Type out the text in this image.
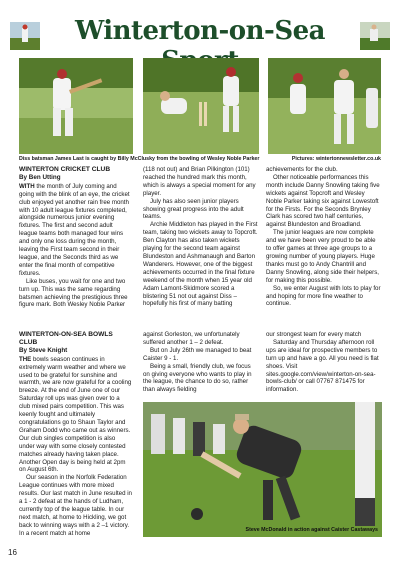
Winterton-on-Sea
Diss batsman James Last is caught by Billy McClusky from the bowling of Wesley Noble Parker	Pictures: wintertonnewsletter.co.uk
WINTERTON CRICKET CLUB
By Ben Utting

WITH the month of July coming and going with the blink of an eye, the cricket club enjoyed yet another rain free month with 10 adult league fixtures completed, alongside numerous junior evening fixtures. The first and second adult league teams both managed four wins and only one loss during the month, leaving the First team second in their league, and the Seconds third as we enter the final month of competitive fixtures.

Like buses, you wait for one and two turn up. This was the same regarding batsmen achieving the prestigious three figure mark. Both Wesley Noble Parker

(118 not out) and Brian Pilkington (101) reached the hundred mark this month, which is always a special moment for any player.

July has also seen junior players showing great progress into the adult teams.

Archie Middleton has played in the First team, taking two wickets away to Topcroft. Ben Clayton has also taken wickets playing for the second team against Blundeston and Ashmanaugh and Barton Wanderers. However, one of the biggest achievements occurred in the final fixture weekend of the month when 15 year old Adam Lamont-Skidmore scored a blistering 51 not out against Diss – hopefully his first of many batting

achievements for the club.

Other noticeable performances this month include Danny Snowling taking five wickets against Topcroft and Wesley Noble Parker taking six against Lowestoft for the Firsts. For the Seconds Brynley Clark has scored two half centuries, against Blundeston and Broadland.

The junior leagues are now complete and we have been very proud to be able to offer games at three age groups to a growing number of young players. Huge thanks must go to Andy Chantrill and Danny Snowling, along side their helpers, for making this possible.

So, we enter August with lots to play for and hoping for more fine weather to continue.

WINTERTON-ON-SEA BOWLS CLUB
By Steve Knight

THE bowls season continues in extremely warm weather and where we used to be grateful for sunshine and warmth, we are now grateful for a cooling breeze. At the end of June one of our Saturday roll ups was given over to a club mixed pairs competition. This was keenly fought and ultimately congratulations go to Shaun Taylor and Graham Dodd who came out as winners. Our club singles competition is also under way with some closely contested matches already having taken place. Another Open day is being held at 2pm on August 6th.

Our season in the Norfolk Federation League continues with more mixed results. Our last match in June resulted in a 1 - 2 defeat at the hands of Ludham, currently top of the league table. In our next match, at home to Hickling, we got back to winning ways with a 2 –1 victory. In a recent match at home

against Gorleston, we unfortunately suffered another 1 – 2 defeat.

But on July 26th we managed to beat Caister 9 - 1.

Being a small, friendly club, we focus on giving everyone who wants to play in the league, the chance to do so, rather than always fielding

our strongest team for every match

Saturday and Thursday afternoon roll ups are ideal for prospective members to turn up and have a go. All you need is flat shoes. Visit sites.google.com/view/winterton-on-sea-bowls-club/ or call 07767 871475 for information.

Steve McDonald in action against Caister Castaways
16
